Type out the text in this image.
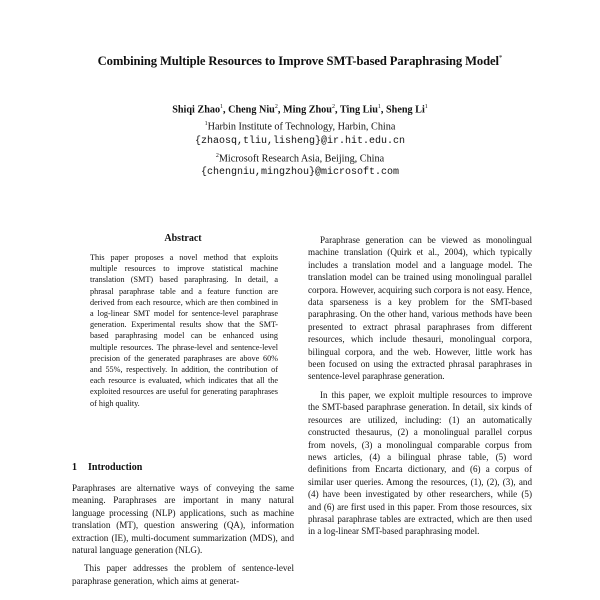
Combining Multiple Resources to Improve SMT-based Paraphrasing Model*
Shiqi Zhao$^1$, Cheng Niu$^2$, Ming Zhou$^2$, Ting Liu$^1$, Sheng Li$^1$
$^1$Harbin Institute of Technology, Harbin, China
{zhaosq,tliu,lisheng}@ir.hit.edu.cn
$^2$Microsoft Research Asia, Beijing, China
{chengniu,mingzhou}@microsoft.com
Abstract
This paper proposes a novel method that exploits multiple resources to improve statistical machine translation (SMT) based paraphrasing. In detail, a phrasal paraphrase table and a feature function are derived from each resource, which are then combined in a log-linear SMT model for sentence-level paraphrase generation. Experimental results show that the SMT-based paraphrasing model can be enhanced using multiple resources. The phrase-level and sentence-level precision of the generated paraphrases are above 60% and 55%, respectively. In addition, the contribution of each resource is evaluated, which indicates that all the exploited resources are useful for generating paraphrases of high quality.
1 Introduction

Paraphrases are alternative ways of conveying the same meaning. Paraphrases are important in many natural language processing (NLP) applications, such as machine translation (MT), question answering (QA), information extraction (IE), multi-document summarization (MDS), and natural language generation (NLG).

This paper addresses the problem of sentence-level paraphrase generation, which aims at generat-

Paraphrase generation can be viewed as monolingual machine translation (Quirk et al., 2004), which typically includes a translation model and a language model. The translation model can be trained using monolingual parallel corpora. However, acquiring such corpora is not easy. Hence, data sparseness is a key problem for the SMT-based paraphrasing. On the other hand, various methods have been presented to extract phrasal paraphrases from different resources, which include thesauri, monolingual corpora, bilingual corpora, and the web. However, little work has been focused on using the extracted phrasal paraphrases in sentence-level paraphrase generation.

In this paper, we exploit multiple resources to improve the SMT-based paraphrase generation. In detail, six kinds of resources are utilized, including: (1) an automatically constructed thesaurus, (2) a monolingual parallel corpus from novels, (3) a monolingual comparable corpus from news articles, (4) a bilingual phrase table, (5) word definitions from Encarta dictionary, and (6) a corpus of similar user queries. Among the resources, (1), (2), (3), and (4) have been investigated by other researchers, while (5) and (6) are first used in this paper. From those resources, six phrasal paraphrase tables are extracted, which are then used in a log-linear SMT-based paraphrasing model.
